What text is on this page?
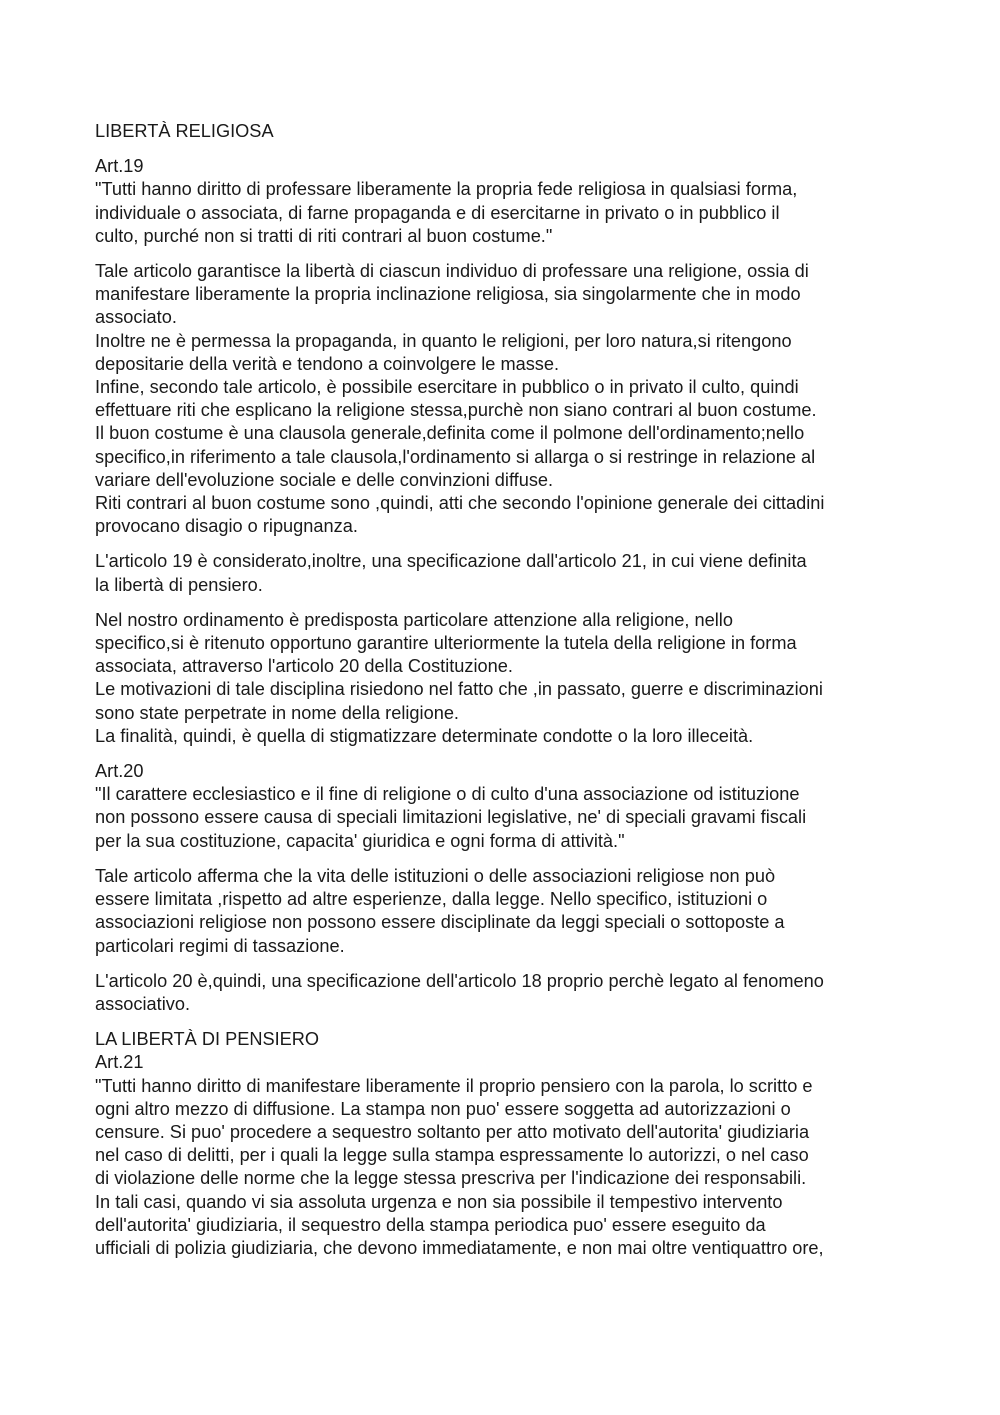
LIBERTÀ RELIGIOSA
Art.19
"Tutti hanno diritto di professare liberamente la propria fede religiosa in qualsiasi forma,
individuale o associata, di farne propaganda e di esercitarne in privato o in pubblico il
culto, purché non si tratti di riti contrari al buon costume."
Tale articolo garantisce la libertà di ciascun individuo di professare una religione, ossia di
manifestare liberamente la propria inclinazione religiosa, sia singolarmente che in modo
associato.
Inoltre ne è permessa la propaganda, in quanto le religioni, per loro natura,si ritengono
depositarie della verità e tendono a coinvolgere le masse.
Infine, secondo tale articolo, è possibile esercitare in pubblico o in privato il culto, quindi
effettuare riti che esplicano la religione stessa,purchè non siano contrari al buon costume.
Il buon costume è una clausola generale,definita come il polmone dell'ordinamento;nello
specifico,in riferimento a tale clausola,l'ordinamento si allarga o si restringe in relazione al
variare dell'evoluzione sociale e delle convinzioni diffuse.
Riti contrari al buon costume sono ,quindi, atti che secondo l'opinione generale dei cittadini
provocano disagio o ripugnanza.
L'articolo 19 è considerato,inoltre, una specificazione dall'articolo 21, in cui viene definita
la libertà di pensiero.
Nel nostro ordinamento è predisposta particolare attenzione alla religione, nello
specifico,si è ritenuto opportuno garantire ulteriormente la tutela della religione in forma
associata, attraverso l'articolo 20 della Costituzione.
Le motivazioni di tale disciplina risiedono nel fatto che ,in passato, guerre e discriminazioni
sono state perpetrate in nome della religione.
La finalità, quindi, è quella di stigmatizzare determinate condotte o la loro illeceità.
Art.20
"Il carattere ecclesiastico e il fine di religione o di culto d'una associazione od istituzione
non possono essere causa di speciali limitazioni legislative, ne' di speciali gravami fiscali
per la sua costituzione, capacita' giuridica e ogni forma di attività."
Tale articolo afferma che la vita delle istituzioni o delle associazioni religiose non può
essere limitata ,rispetto ad altre esperienze, dalla legge. Nello specifico, istituzioni o
associazioni religiose non possono essere disciplinate da leggi speciali o sottoposte a
particolari regimi di tassazione.
L'articolo 20 è,quindi, una specificazione dell'articolo 18 proprio perchè legato al fenomeno
associativo.
LA LIBERTÀ DI PENSIERO
Art.21
"Tutti hanno diritto di manifestare liberamente il proprio pensiero con la parola, lo scritto e
ogni altro mezzo di diffusione. La stampa non puo' essere soggetta ad autorizzazioni o
censure. Si puo' procedere a sequestro soltanto per atto motivato dell'autorita' giudiziaria
nel caso di delitti, per i quali la legge sulla stampa espressamente lo autorizzi, o nel caso
di violazione delle norme che la legge stessa prescriva per l'indicazione dei responsabili.
In tali casi, quando vi sia assoluta urgenza e non sia possibile il tempestivo intervento
dell'autorita' giudiziaria, il sequestro della stampa periodica puo' essere eseguito da
ufficiali di polizia giudiziaria, che devono immediatamente, e non mai oltre ventiquattro ore,
